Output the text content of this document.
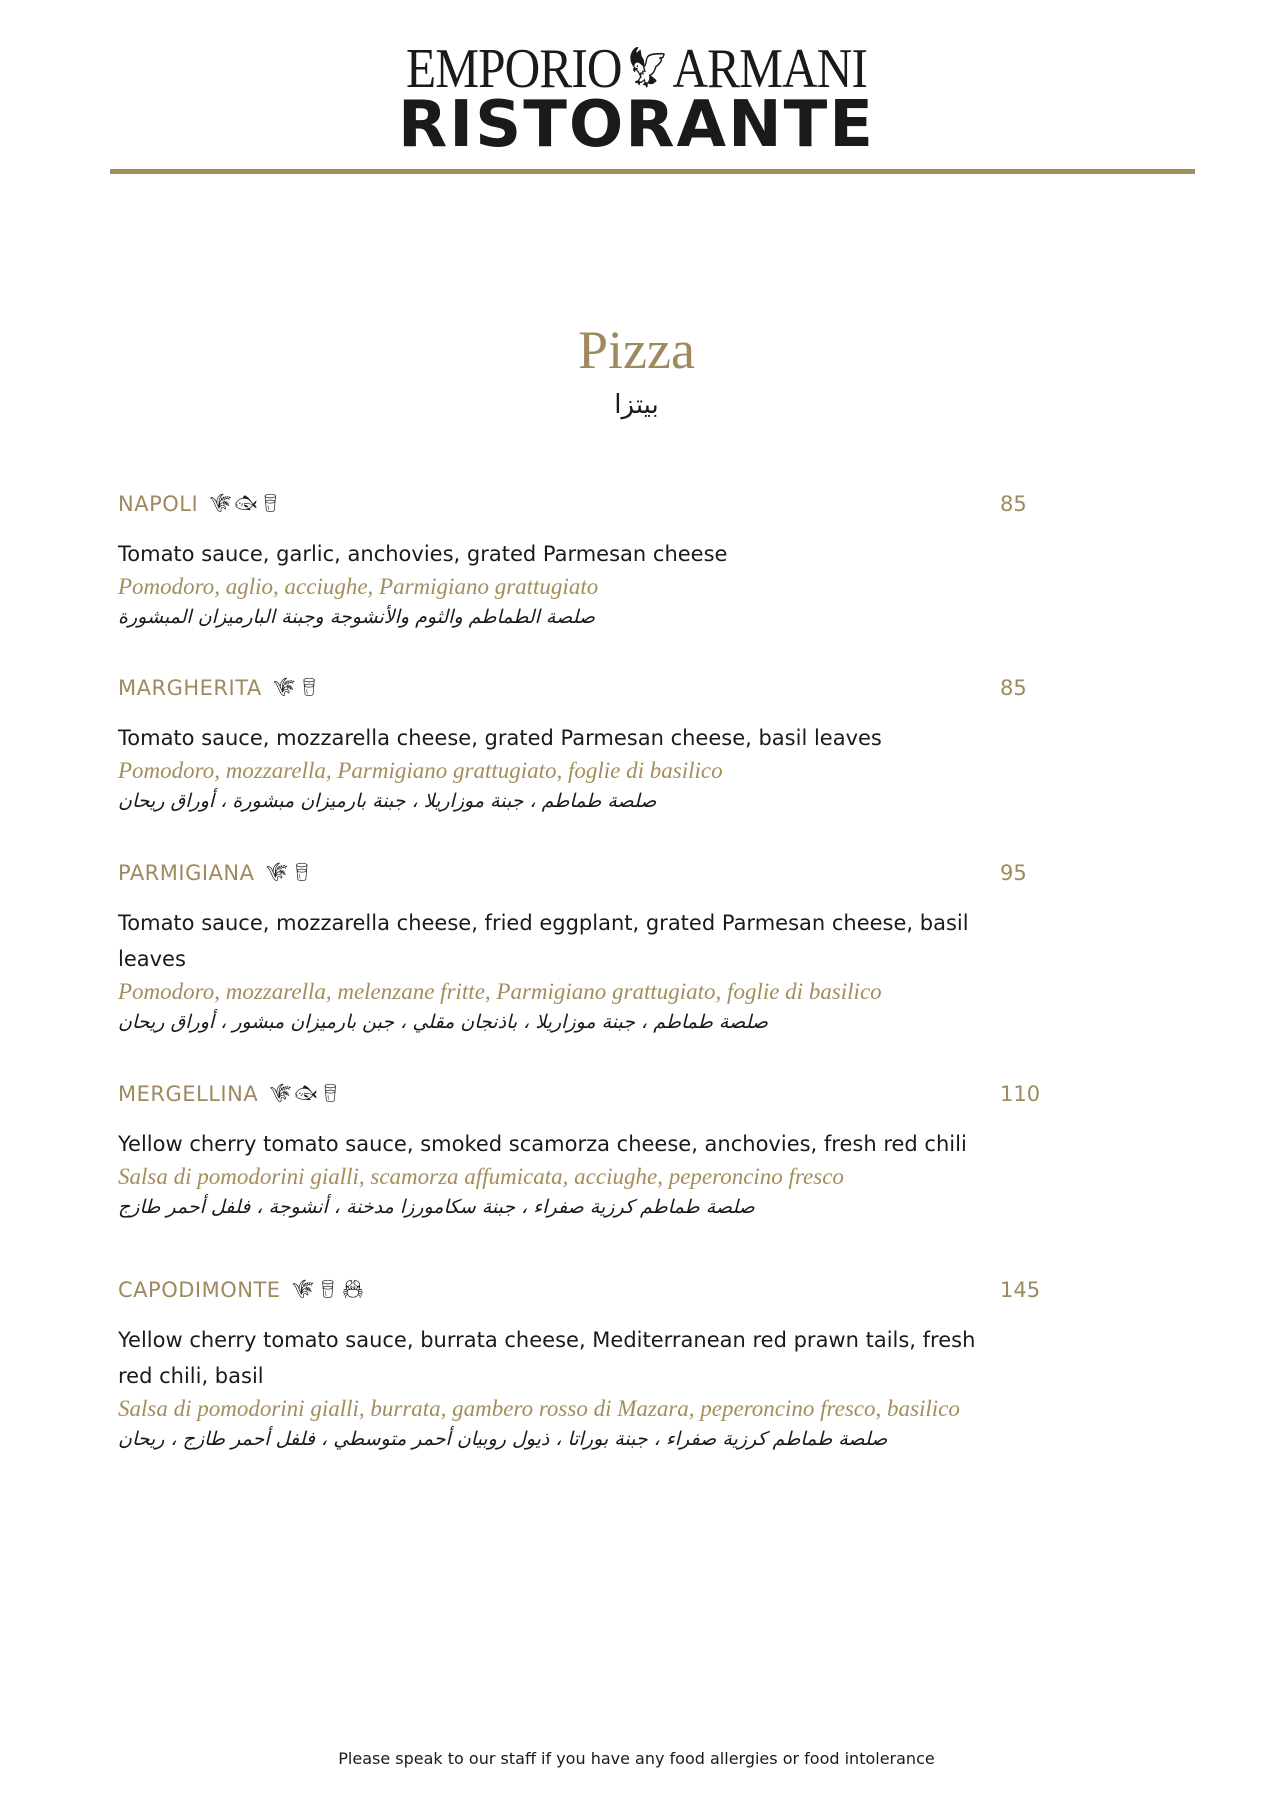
EMPORIO🦅︎ARMANI
RISTORANTE
Pizza
بيتزا
NAPOLI 🌾︎ 🐟︎ 🥛︎	85
Tomato sauce, garlic, anchovies, grated Parmesan cheese
Pomodoro, aglio, acciughe, Parmigiano grattugiato
صلصة الطماطم والثوم والأنشوجة وجبنة البارميزان المبشورة
MARGHERITA 🌾︎ 🥛︎	85
Tomato sauce, mozzarella cheese, grated Parmesan cheese, basil leaves
Pomodoro, mozzarella, Parmigiano grattugiato, foglie di basilico
صلصة طماطم ، جبنة موزاريلا ، جبنة بارميزان مبشورة ، أوراق ريحان
PARMIGIANA 🌾︎ 🥛︎	95
Tomato sauce, mozzarella cheese, fried eggplant, grated Parmesan cheese, basil leaves
Pomodoro, mozzarella, melenzane fritte, Parmigiano grattugiato, foglie di basilico
صلصة طماطم ، جبنة موزاريلا ، باذنجان مقلي ، جبن بارميزان مبشور ، أوراق ريحان
MERGELLINA 🌾︎ 🐟︎ 🥛︎	110
Yellow cherry tomato sauce, smoked scamorza cheese, anchovies, fresh red chili
Salsa di pomodorini gialli, scamorza affumicata, acciughe, peperoncino fresco
صلصة طماطم كرزية صفراء ، جبنة سكامورزا مدخنة ، أنشوجة ، فلفل أحمر طازج
CAPODIMONTE 🌾︎ 🥛︎ 🦀︎	145
Yellow cherry tomato sauce, burrata cheese, Mediterranean red prawn tails, fresh red chili, basil
Salsa di pomodorini gialli, burrata, gambero rosso di Mazara, peperoncino fresco, basilico
صلصة طماطم كرزية صفراء ، جبنة بوراتا ، ذيول روبيان أحمر متوسطي ، فلفل أحمر طازج ، ريحان
Please speak to our staff if you have any food allergies or food intolerance
